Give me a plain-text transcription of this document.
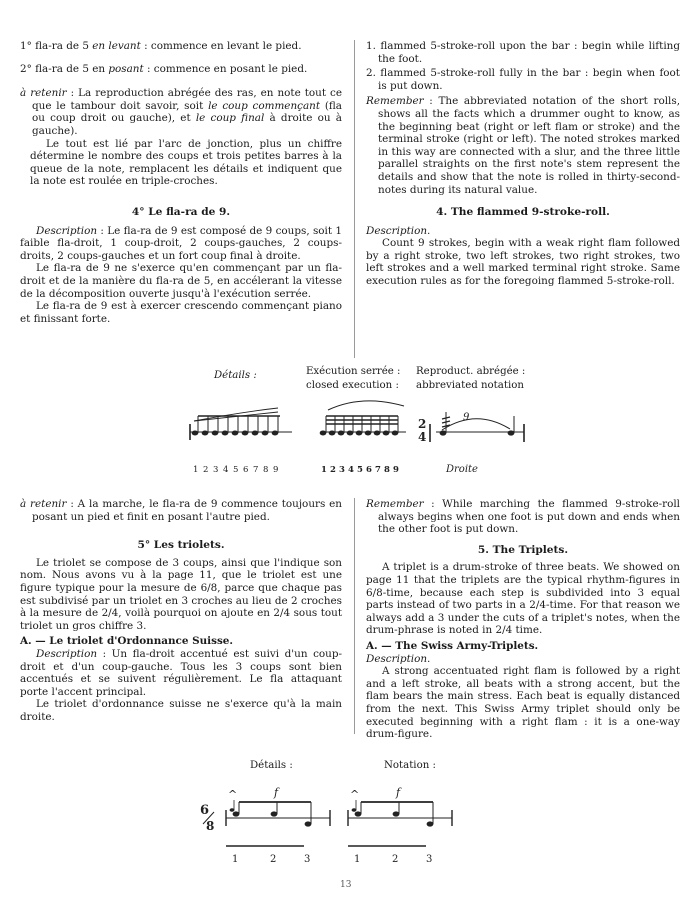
1° fla-ra de 5 en levant : commence en levant le pied.

2° fla-ra de 5 en posant : commence en posant le pied.

à retenir : La reproduction abrégée des ras, en note tout ce que le tambour doit savoir, soit le coup commençant (fla ou coup droit ou gauche), et le coup final à droite ou à gauche).

Le tout est lié par l'arc de jonction, plus un chiffre détermine le nombre des coups et trois petites barres à la queue de la note, remplacent les détails et indiquent que la note est roulée en triple-croches.

1. flammed 5-stroke-roll upon the bar : begin while lifting the foot.

2. flammed 5-stroke-roll fully in the bar : begin when foot is put down.

Remember : The abbreviated notation of the short rolls, shows all the facts which a drummer ought to know, as the beginning beat (right or left flam or stroke) and the terminal stroke (right or left). The noted strokes marked in this way are connected with a slur, and the three little parallel straights on the first note's stem represent the details and show that the note is rolled in thirty-second-notes during its natural value.

4° Le fla-ra de 9.

Description : Le fla-ra de 9 est composé de 9 coups, soit 1 faible fla-droit, 1 coup-droit, 2 coups-gauches, 2 coups-droits, 2 coups-gauches et un fort coup final à droite.

Le fla-ra de 9 ne s'exerce qu'en commençant par un fla-droit et de la manière du fla-ra de 5, en accélerant la vitesse de la décomposition ouverte jusqu'à l'exécution serrée.

Le fla-ra de 9 est à exercer crescendo commençant piano et finissant forte.

4. The flammed 9-stroke-roll.

Description.

Count 9 strokes, begin with a weak right flam followed by a right stroke, two left strokes, two right strokes, two left strokes and a well marked terminal right stroke. Same execution rules as for the foregoing flammed 5-stroke-roll.

Détails :	Exécution serrée :
closed execution :
Reproduct. abrégée :
abbreviated notation
1 2 3 4 5 6 7 8 9	1 2 3 4 5 6 7 8 9
2
4
9
Droite

à retenir : A la marche, le fla-ra de 9 commence toujours en posant un pied et finit en posant l'autre pied.

5° Les triolets.

Le triolet se compose de 3 coups, ainsi que l'indique son nom. Nous avons vu à la page 11, que le triolet est une figure typique pour la mesure de 6/8, parce que chaque pas est subdivisé par un triolet en 3 croches au lieu de 2 croches à la mesure de 2/4, voilà pourquoi on ajoute en 2/4 sous tout triolet un gros chiffre 3.

A. — Le triolet d'Ordonnance Suisse.

Description : Un fla-droit accentué est suivi d'un coup-droit et d'un coup-gauche. Tous les 3 coups sont bien accentués et se suivent régulièrement. Le fla attaquant porte l'accent principal.

Le triolet d'ordonnance suisse ne s'exerce qu'à la main droite.

Remember : While marching the flammed 9-stroke-roll always begins when one foot is put down and ends when the other foot is put down.

5. The Triplets.

A triplet is a drum-stroke of three beats. We showed on page 11 that the triplets are the typical rhythm-figures in 6/8-time, because each step is subdivided into 3 equal parts instead of two parts in a 2/4-time. For that reason we always add a 3 under the cuts of a triplet's notes, when the drum-phrase is noted in 2/4 time.

A. — The Swiss Army-Triplets.

Description.

A strong accentuated right flam is followed by a right and a left stroke, all beats with a strong accent, but the flam bears the main stress. Each beat is equally distanced from the next. This Swiss Army triplet should only be executed beginning with a right flam : it is a one-way drum-figure.

Détails :	Notation :
6
8
^	f
1	2	3
^	f
1	2	3
13
